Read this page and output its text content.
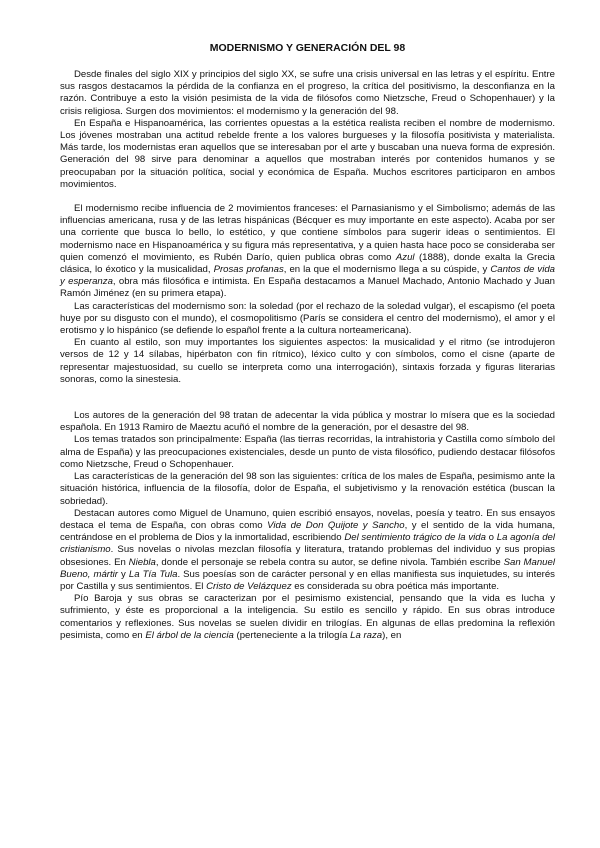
MODERNISMO Y GENERACIÓN DEL 98

Desde finales del siglo XIX y principios del siglo XX, se sufre una crisis universal en las letras y el espíritu. Entre sus rasgos destacamos la pérdida de la confianza en el progreso, la crítica del positivismo, la desconfianza en la razón. Contribuye a esto la visión pesimista de la vida de filósofos como Nietzsche, Freud o Schopenhauer) y la crisis religiosa. Surgen dos movimientos: el modernismo y la generación del 98.

En España e Hispanoamérica, las corrientes opuestas a la estética realista reciben el nombre de modernismo. Los jóvenes mostraban una actitud rebelde frente a los valores burgueses y la filosofía positivista y materialista. Más tarde, los modernistas eran aquellos que se interesaban por el arte y buscaban una nueva forma de expresión. Generación del 98 sirve para denominar a aquellos que mostraban interés por contenidos humanos y se preocupaban por la situación política, social y económica de España. Muchos escritores participaron en ambos movimientos.

El modernismo recibe influencia de 2 movimientos franceses: el Parnasianismo y el Simbolismo; además de las influencias americana, rusa y de las letras hispánicas (Bécquer es muy importante en este aspecto). Acaba por ser una corriente que busca lo bello, lo estético, y que contiene símbolos para sugerir ideas o sentimientos. El modernismo nace en Hispanoamérica y su figura más representativa, y a quien hasta hace poco se consideraba ser quien comenzó el movimiento, es Rubén Darío, quien publica obras como Azul (1888), donde exalta la Grecia clásica, lo éxotico y la musicalidad, Prosas profanas, en la que el modernismo llega a su cúspide, y Cantos de vida y esperanza, obra más filosófica e intimista. En España destacamos a Manuel Machado, Antonio Machado y Juan Ramón Jiménez (en su primera etapa).

Las características del modernismo son: la soledad (por el rechazo de la soledad vulgar), el escapismo (el poeta huye por su disgusto con el mundo), el cosmopolitismo (París se considera el centro del modernismo), el amor y el erotismo y lo hispánico (se defiende lo español frente a la cultura norteamericana).

En cuanto al estilo, son muy importantes los siguientes aspectos: la musicalidad y el ritmo (se introdujeron versos de 12 y 14 sílabas, hipérbaton con fin rítmico), léxico culto y con símbolos, como el cisne (aparte de representar majestuosidad, su cuello se interpreta como una interrogación), sintaxis forzada y figuras literarias sonoras, como la sinestesia.

Los autores de la generación del 98 tratan de adecentar la vida pública y mostrar lo mísera que es la sociedad española. En 1913 Ramiro de Maeztu acuñó el nombre de la generación, por el desastre del 98.

Los temas tratados son principalmente: España (las tierras recorridas, la intrahistoria y Castilla como símbolo del alma de España) y las preocupaciones existenciales, desde un punto de vista filosófico, pudiendo destacar filósofos como Nietzsche, Freud o Schopenhauer.

Las características de la generación del 98 son las siguientes: crítica de los males de España, pesimismo ante la situación histórica, influencia de la filosofía, dolor de España, el subjetivismo y la renovación estética (buscan la sobriedad).

Destacan autores como Miguel de Unamuno, quien escribió ensayos, novelas, poesía y teatro. En sus ensayos destaca el tema de España, con obras como Vida de Don Quijote y Sancho, y el sentido de la vida humana, centrándose en el problema de Dios y la inmortalidad, escribiendo Del sentimiento trágico de la vida o La agonía del cristianismo. Sus novelas o nivolas mezclan filosofía y literatura, tratando problemas del individuo y sus propias obsesiones. En Niebla, donde el personaje se rebela contra su autor, se define nivola. También escribe San Manuel Bueno, mártir y La Tía Tula. Sus poesías son de carácter personal y en ellas manifiesta sus inquietudes, su interés por Castilla y sus sentimientos. El Cristo de Velázquez es considerada su obra poética más importante.

Pío Baroja y sus obras se caracterizan por el pesimismo existencial, pensando que la vida es lucha y sufrimiento, y éste es proporcional a la inteligencia. Su estilo es sencillo y rápido. En sus obras introduce comentarios y reflexiones. Sus novelas se suelen dividir en trilogías. En algunas de ellas predomina la reflexión pesimista, como en El árbol de la ciencia (perteneciente a la trilogía La raza), en
